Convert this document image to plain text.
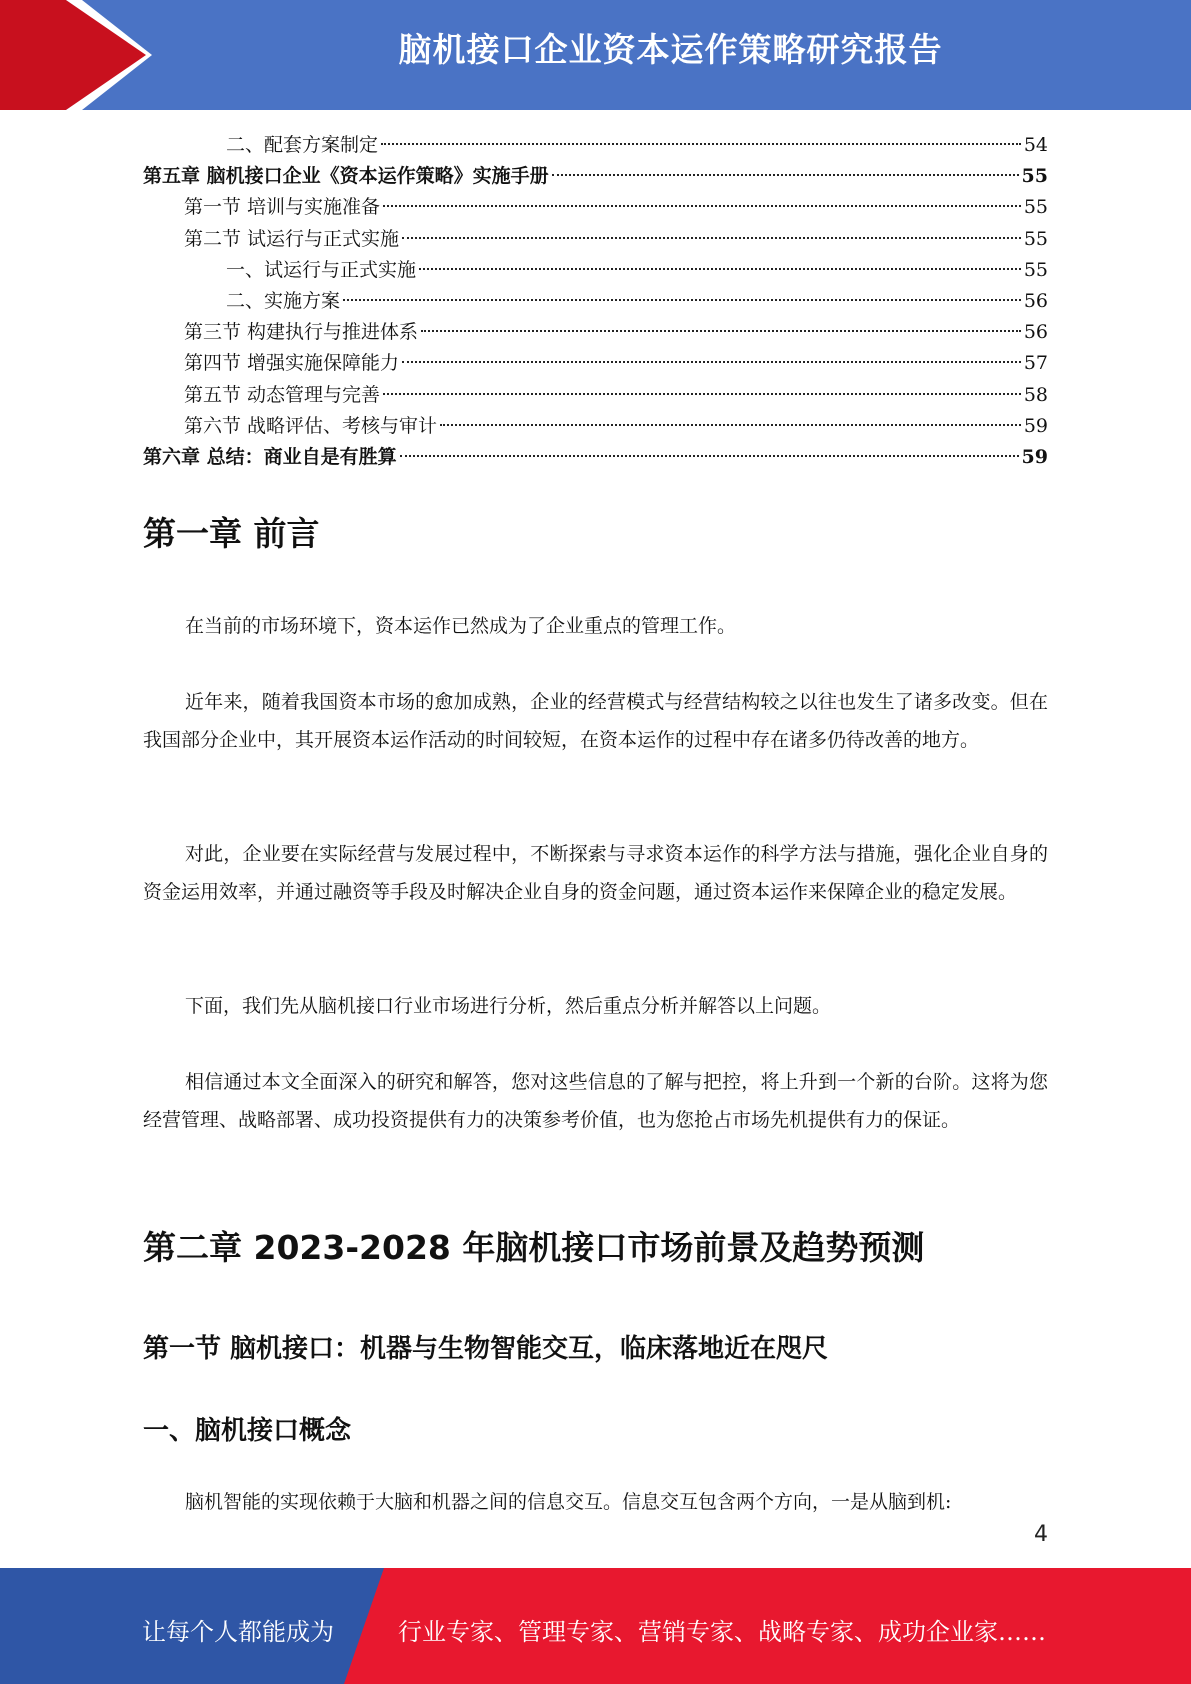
脑机接口企业资本运作策略研究报告
二、配套方案制定	54
第五章 脑机接口企业《资本运作策略》实施手册	55
第一节 培训与实施准备	55
第二节 试运行与正式实施	55
一、试运行与正式实施	55
二、实施方案	56
第三节 构建执行与推进体系	56
第四节 增强实施保障能力	57
第五节 动态管理与完善	58
第六节 战略评估、考核与审计	59
第六章 总结：商业自是有胜算	59
第一章 前言

在当前的市场环境下，资本运作已然成为了企业重点的管理工作。

近年来，随着我国资本市场的愈加成熟，企业的经营模式与经营结构较之以往也发生了诸多改变。但在我国部分企业中，其开展资本运作活动的时间较短，在资本运作的过程中存在诸多仍待改善的地方。

对此，企业要在实际经营与发展过程中，不断探索与寻求资本运作的科学方法与措施，强化企业自身的资金运用效率，并通过融资等手段及时解决企业自身的资金问题，通过资本运作来保障企业的稳定发展。

下面，我们先从脑机接口行业市场进行分析，然后重点分析并解答以上问题。

相信通过本文全面深入的研究和解答，您对这些信息的了解与把控，将上升到一个新的台阶。这将为您经营管理、战略部署、成功投资提供有力的决策参考价值，也为您抢占市场先机提供有力的保证。

第二章 2023-2028 年脑机接口市场前景及趋势预测
第一节 脑机接口：机器与生物智能交互，临床落地近在咫尺
一、脑机接口概念

脑机智能的实现依赖于大脑和机器之间的信息交互。信息交互包含两个方向，一是从脑到机:

4
让每个人都能成为	行业专家、管理专家、营销专家、战略专家、成功企业家……
